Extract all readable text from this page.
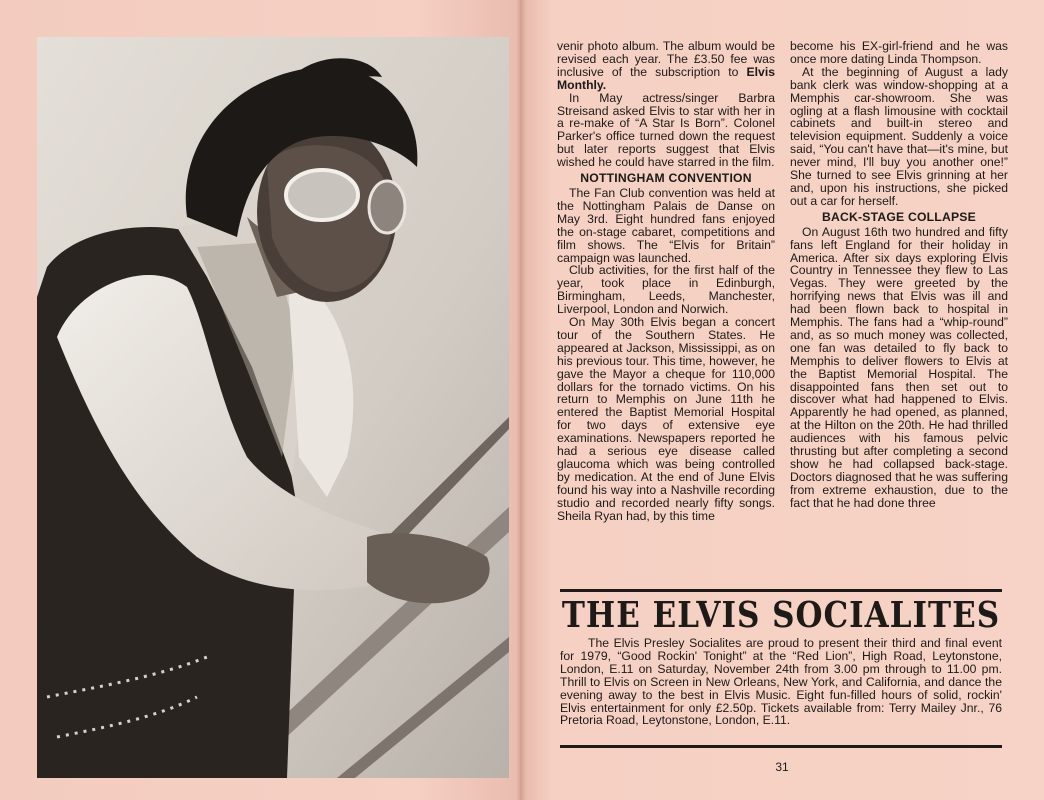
venir photo album. The album would be revised each year. The £3.50 fee was inclusive of the subscription to Elvis Monthly.

In May actress/singer Barbra Streisand asked Elvis to star with her in a re-make of “A Star Is Born”. Colonel Parker's office turned down the request but later reports suggest that Elvis wished he could have starred in the film.

NOTTINGHAM CONVENTION

The Fan Club convention was held at the Nottingham Palais de Danse on May 3rd. Eight hundred fans enjoyed the on-stage cabaret, competitions and film shows. The “Elvis for Britain” campaign was launched.

Club activities, for the first half of the year, took place in Edinburgh, Birmingham, Leeds, Manchester, Liverpool, London and Norwich.

On May 30th Elvis began a concert tour of the Southern States. He appeared at Jackson, Mississippi, as on his previous tour. This time, however, he gave the Mayor a cheque for 110,000 dollars for the tornado victims. On his return to Memphis on June 11th he entered the Baptist Memorial Hospital for two days of extensive eye examinations. Newspapers reported he had a serious eye disease called glaucoma which was being controlled by medication. At the end of June Elvis found his way into a Nashville recording studio and recorded nearly fifty songs. Sheila Ryan had, by this time

become his EX-girl-friend and he was once more dating Linda Thompson.

At the beginning of August a lady bank clerk was window-shopping at a Memphis car-showroom. She was ogling at a flash limousine with cocktail cabinets and built-in stereo and television equipment. Suddenly a voice said, “You can't have that—it's mine, but never mind, I'll buy you another one!” She turned to see Elvis grinning at her and, upon his instructions, she picked out a car for herself.

BACK-STAGE COLLAPSE

On August 16th two hundred and fifty fans left England for their holiday in America. After six days exploring Elvis Country in Tennessee they flew to Las Vegas. They were greeted by the horrifying news that Elvis was ill and had been flown back to hospital in Memphis. The fans had a “whip-round” and, as so much money was collected, one fan was detailed to fly back to Memphis to deliver flowers to Elvis at the Baptist Memorial Hospital. The disappointed fans then set out to discover what had happened to Elvis. Apparently he had opened, as planned, at the Hilton on the 20th. He had thrilled audiences with his famous pelvic thrusting but after completing a second show he had collapsed back-stage. Doctors diagnosed that he was suffering from extreme exhaustion, due to the fact that he had done three

THE ELVIS SOCIALITES
The Elvis Presley Socialites are proud to present their third and final event for 1979, “Good Rockin' Tonight” at the “Red Lion”, High Road, Leytonstone, London, E.11 on Saturday, November 24th from 3.00 pm through to 11.00 pm. Thrill to Elvis on Screen in New Orleans, New York, and California, and dance the evening away to the best in Elvis Music. Eight fun-filled hours of solid, rockin' Elvis entertainment for only £2.50p. Tickets available from: Terry Mailey Jnr., 76 Pretoria Road, Leytonstone, London, E.11.
31
